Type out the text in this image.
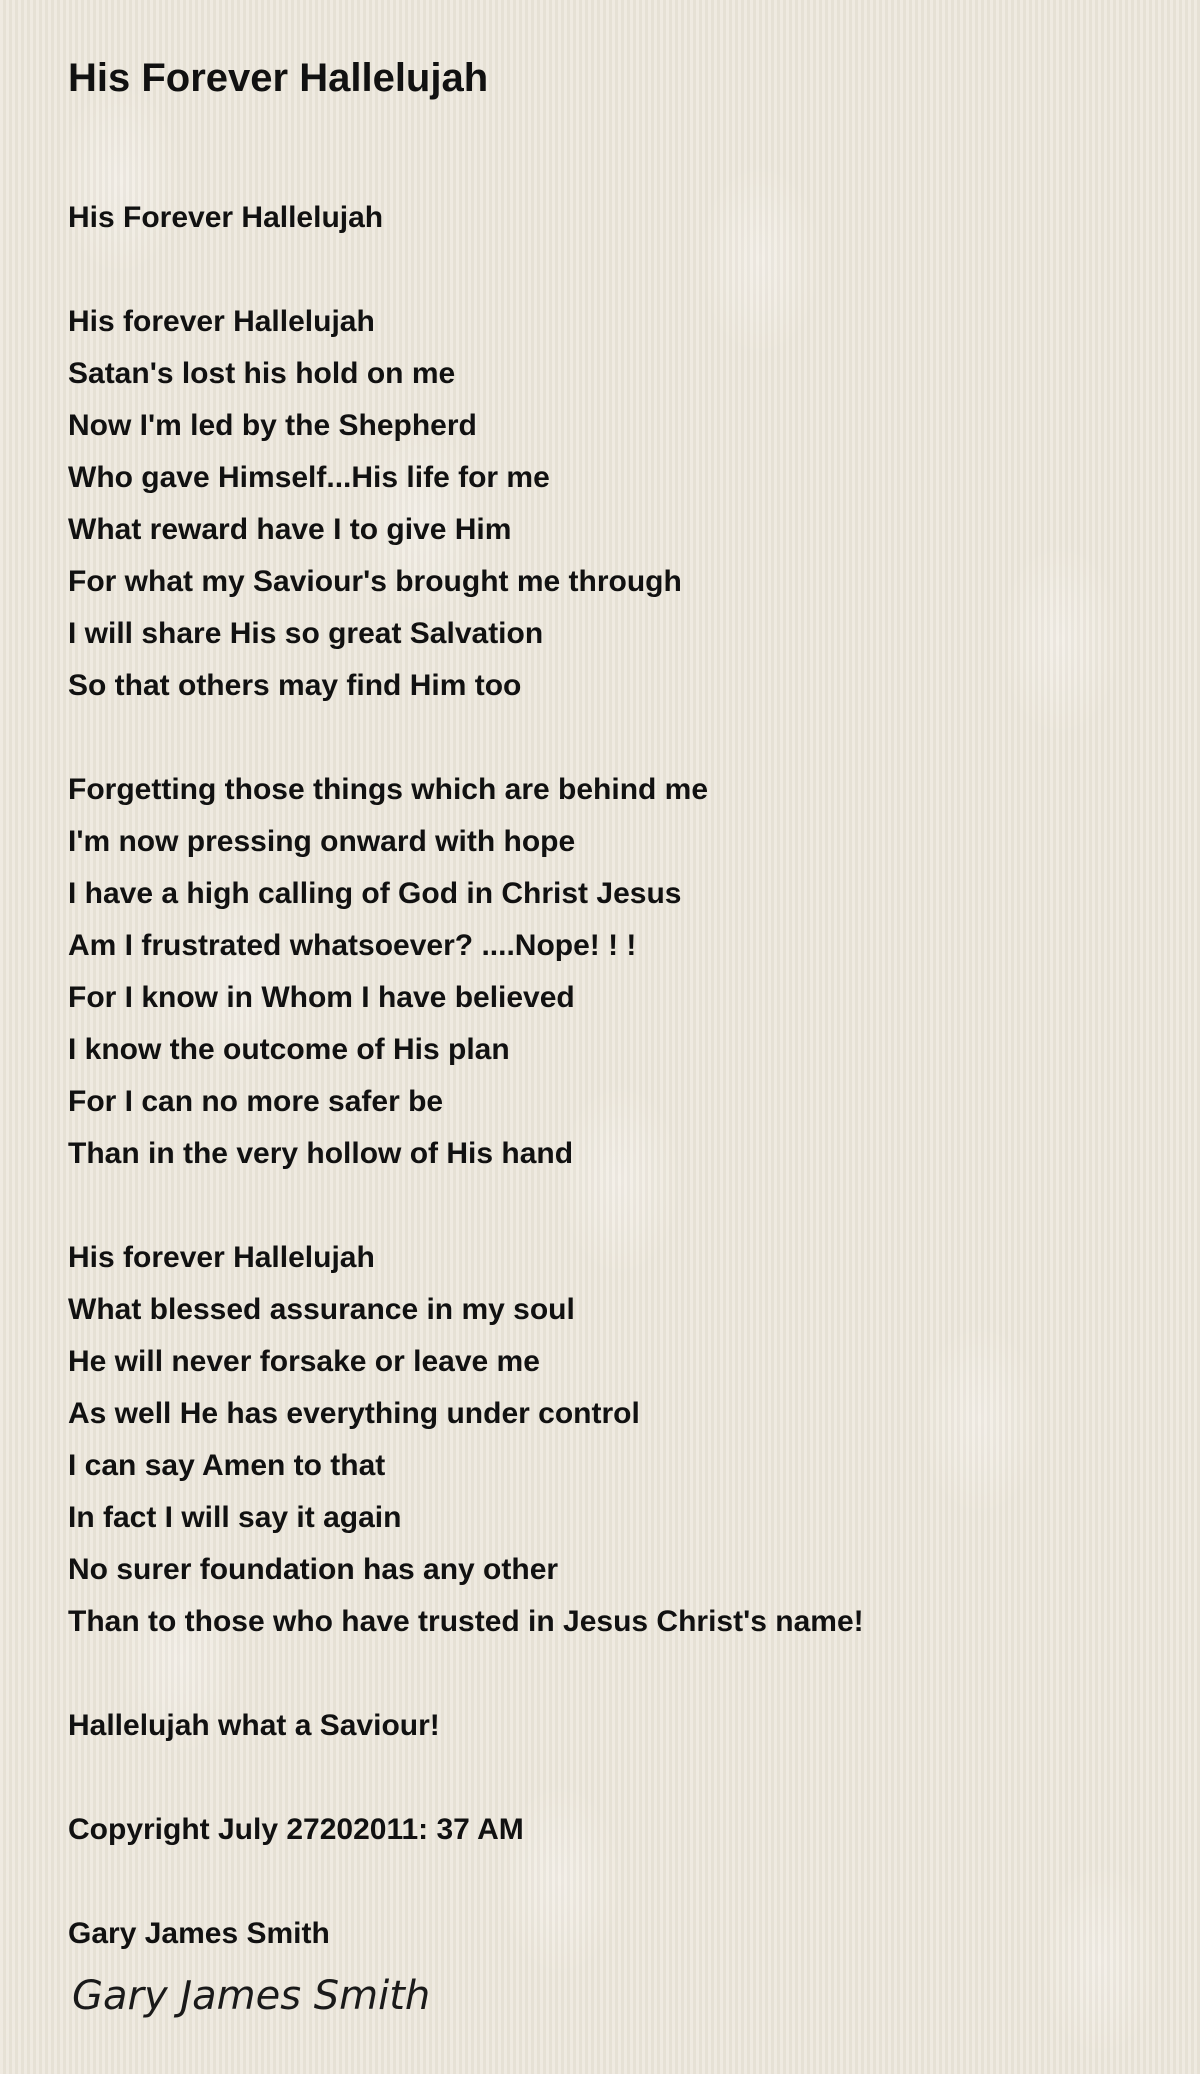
His Forever Hallelujah
His Forever Hallelujah
His forever Hallelujah
Satan's lost his hold on me
Now I'm led by the Shepherd
Who gave Himself...His life for me
What reward have I to give Him
For what my Saviour's brought me through
I will share His so great Salvation
So that others may find Him too
Forgetting those things which are behind me
I'm now pressing onward with hope
I have a high calling of God in Christ Jesus
Am I frustrated whatsoever? ....Nope! ! !
For I know in Whom I have believed
I know the outcome of His plan
For I can no more safer be
Than in the very hollow of His hand
His forever Hallelujah
What blessed assurance in my soul
He will never forsake or leave me
As well He has everything under control
I can say Amen to that
In fact I will say it again
No surer foundation has any other
Than to those who have trusted in Jesus Christ's name!
Hallelujah what a Saviour!
Copyright July 27202011: 37 AM
Gary James Smith
Gary James Smith
